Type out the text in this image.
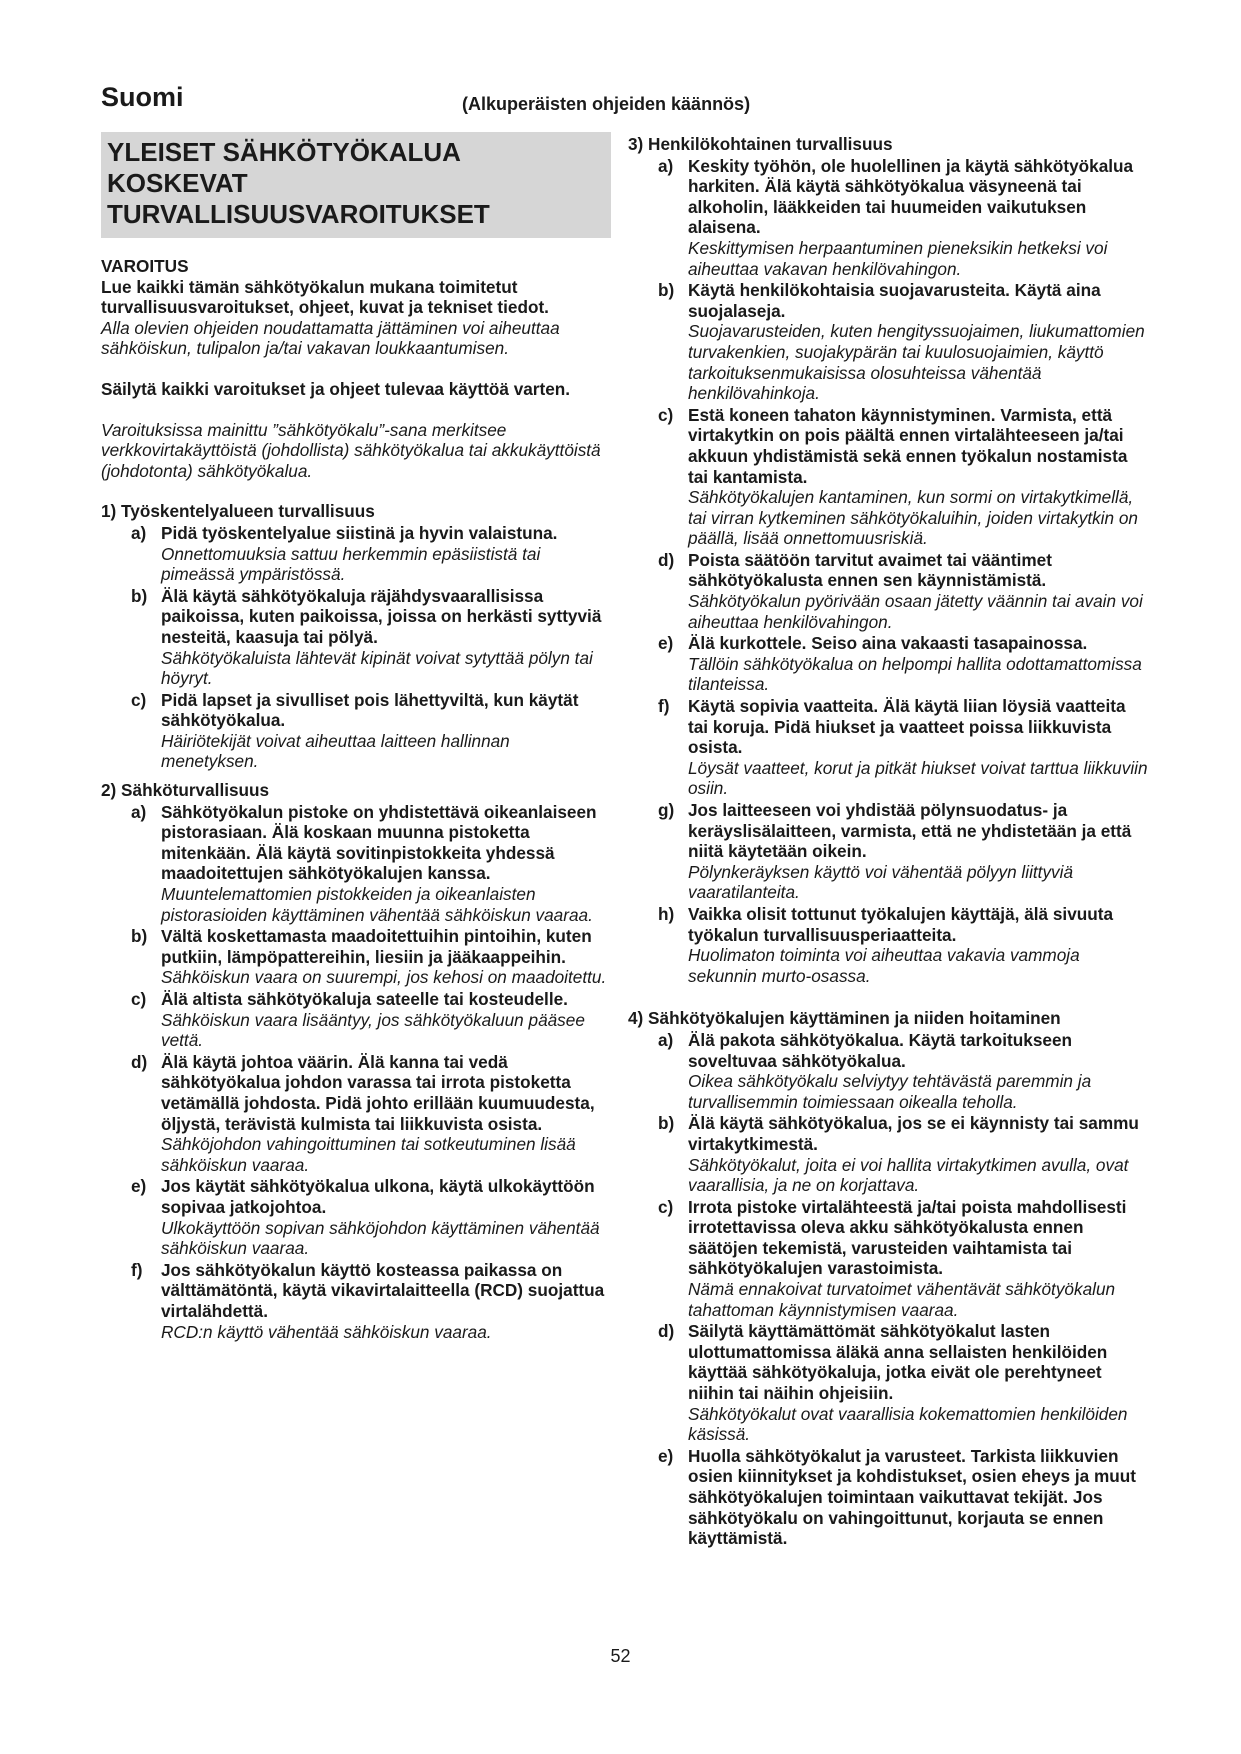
Suomi	(Alkuperäisten ohjeiden käännös)
YLEISET SÄHKÖTYÖKALUA
KOSKEVAT
TURVALLISUUSVAROITUKSET
VAROITUS
Lue kaikki tämän sähkötyökalun mukana toimitetut turvallisuusvaroitukset, ohjeet, kuvat ja tekniset tiedot.
Alla olevien ohjeiden noudattamatta jättäminen voi aiheuttaa sähköiskun, tulipalon ja/tai vakavan loukkaantumisen.
Säilytä kaikki varoitukset ja ohjeet tulevaa käyttöä varten.
Varoituksissa mainittu ”sähkötyökalu”-sana merkitsee verkkovirtakäyttöistä (johdollista) sähkötyökalua tai akkukäyttöistä (johdotonta) sähkötyökalua.
1) Työskentelyalueen turvallisuus
a) Pidä työskentelyalue siistinä ja hyvin valaistuna.
Onnettomuuksia sattuu herkemmin epäsiististä tai pimeässä ympäristössä.
b) Älä käytä sähkötyökaluja räjähdysvaarallisissa paikoissa, kuten paikoissa, joissa on herkästi syttyviä nesteitä, kaasuja tai pölyä.
Sähkötyökaluista lähtevät kipinät voivat sytyttää pölyn tai höyryt.
c) Pidä lapset ja sivulliset pois lähettyviltä, kun käytät sähkötyökalua.
Häiriötekijät voivat aiheuttaa laitteen hallinnan menetyksen.
2) Sähköturvallisuus
a) Sähkötyökalun pistoke on yhdistettävä oikeanlaiseen pistorasiaan. Älä koskaan muunna pistoketta mitenkään. Älä käytä sovitinpistokkeita yhdessä maadoitettujen sähkötyökalujen kanssa.
Muuntelemattomien pistokkeiden ja oikeanlaisten pistorasioiden käyttäminen vähentää sähköiskun vaaraa.
b) Vältä koskettamasta maadoitettuihin pintoihin, kuten putkiin, lämpöpattereihin, liesiin ja jääkaappeihin.
Sähköiskun vaara on suurempi, jos kehosi on maadoitettu.
c) Älä altista sähkötyökaluja sateelle tai kosteudelle.
Sähköiskun vaara lisääntyy, jos sähkötyökaluun pääsee vettä.
d) Älä käytä johtoa väärin. Älä kanna tai vedä sähkötyökalua johdon varassa tai irrota pistoketta vetämällä johdosta. Pidä johto erillään kuumuudesta, öljystä, terävistä kulmista tai liikkuvista osista.
Sähköjohdon vahingoittuminen tai sotkeutuminen lisää sähköiskun vaaraa.
e) Jos käytät sähkötyökalua ulkona, käytä ulkokäyttöön sopivaa jatkojohtoa.
Ulkokäyttöön sopivan sähköjohdon käyttäminen vähentää sähköiskun vaaraa.
f)	Jos sähkötyökalun käyttö kosteassa paikassa on välttämätöntä, käytä vikavirtalaitteella (RCD) suojattua virtalähdettä.
RCD:n käyttö vähentää sähköiskun vaaraa.
3) Henkilökohtainen turvallisuus
a) Keskity työhön, ole huolellinen ja käytä sähkötyökalua harkiten. Älä käytä sähkötyökalua väsyneenä tai alkoholin, lääkkeiden tai huumeiden vaikutuksen alaisena.
Keskittymisen herpaantuminen pieneksikin hetkeksi voi aiheuttaa vakavan henkilövahingon.
b) Käytä henkilökohtaisia suojavarusteita. Käytä aina suojalaseja.
Suojavarusteiden, kuten hengityssuojaimen, liukumattomien turvakenkien, suojakypärän tai kuulosuojaimien, käyttö tarkoituksenmukaisissa olosuhteissa vähentää henkilövahinkoja.
c) Estä koneen tahaton käynnistyminen. Varmista, että virtakytkin on pois päältä ennen virtalähteeseen ja/tai akkuun yhdistämistä sekä ennen työkalun nostamista tai kantamista.
Sähkötyökalujen kantaminen, kun sormi on virtakytkimellä, tai virran kytkeminen sähkötyökaluihin, joiden virtakytkin on päällä, lisää onnettomuusriskiä.
d) Poista säätöön tarvitut avaimet tai vääntimet sähkötyökalusta ennen sen käynnistämistä.
Sähkötyökalun pyörivään osaan jätetty väännin tai avain voi aiheuttaa henkilövahingon.
e) Älä kurkottele. Seiso aina vakaasti tasapainossa.
Tällöin sähkötyökalua on helpompi hallita odottamattomissa tilanteissa.
f)	Käytä sopivia vaatteita. Älä käytä liian löysiä vaatteita tai koruja. Pidä hiukset ja vaatteet poissa liikkuvista osista.
Löysät vaatteet, korut ja pitkät hiukset voivat tarttua liikkuviin osiin.
g) Jos laitteeseen voi yhdistää pölynsuodatus- ja keräyslisälaitteen, varmista, että ne yhdistetään ja että niitä käytetään oikein.
Pölynkeräyksen käyttö voi vähentää pölyyn liittyviä vaaratilanteita.
h) Vaikka olisit tottunut työkalujen käyttäjä, älä sivuuta työkalun turvallisuusperiaatteita.
Huolimaton toiminta voi aiheuttaa vakavia vammoja sekunnin murto-osassa.
4) Sähkötyökalujen käyttäminen ja niiden hoitaminen
a) Älä pakota sähkötyökalua. Käytä tarkoitukseen soveltuvaa sähkötyökalua.
Oikea sähkötyökalu selviytyy tehtävästä paremmin ja turvallisemmin toimiessaan oikealla teholla.
b) Älä käytä sähkötyökalua, jos se ei käynnisty tai sammu virtakytkimestä.
Sähkötyökalut, joita ei voi hallita virtakytkimen avulla, ovat vaarallisia, ja ne on korjattava.
c) Irrota pistoke virtalähteestä ja/tai poista mahdollisesti irrotettavissa oleva akku sähkötyökalusta ennen säätöjen tekemistä, varusteiden vaihtamista tai sähkötyökalujen varastoimista.
Nämä ennakoivat turvatoimet vähentävät sähkötyökalun tahattoman käynnistymisen vaaraa.
d) Säilytä käyttämättömät sähkötyökalut lasten ulottumattomissa äläkä anna sellaisten henkilöiden käyttää sähkötyökaluja, jotka eivät ole perehtyneet niihin tai näihin ohjeisiin.
Sähkötyökalut ovat vaarallisia kokemattomien henkilöiden käsissä.
e) Huolla sähkötyökalut ja varusteet. Tarkista liikkuvien osien kiinnitykset ja kohdistukset, osien eheys ja muut sähkötyökalujen toimintaan vaikuttavat tekijät. Jos sähkötyökalu on vahingoittunut, korjauta se ennen käyttämistä.
52
